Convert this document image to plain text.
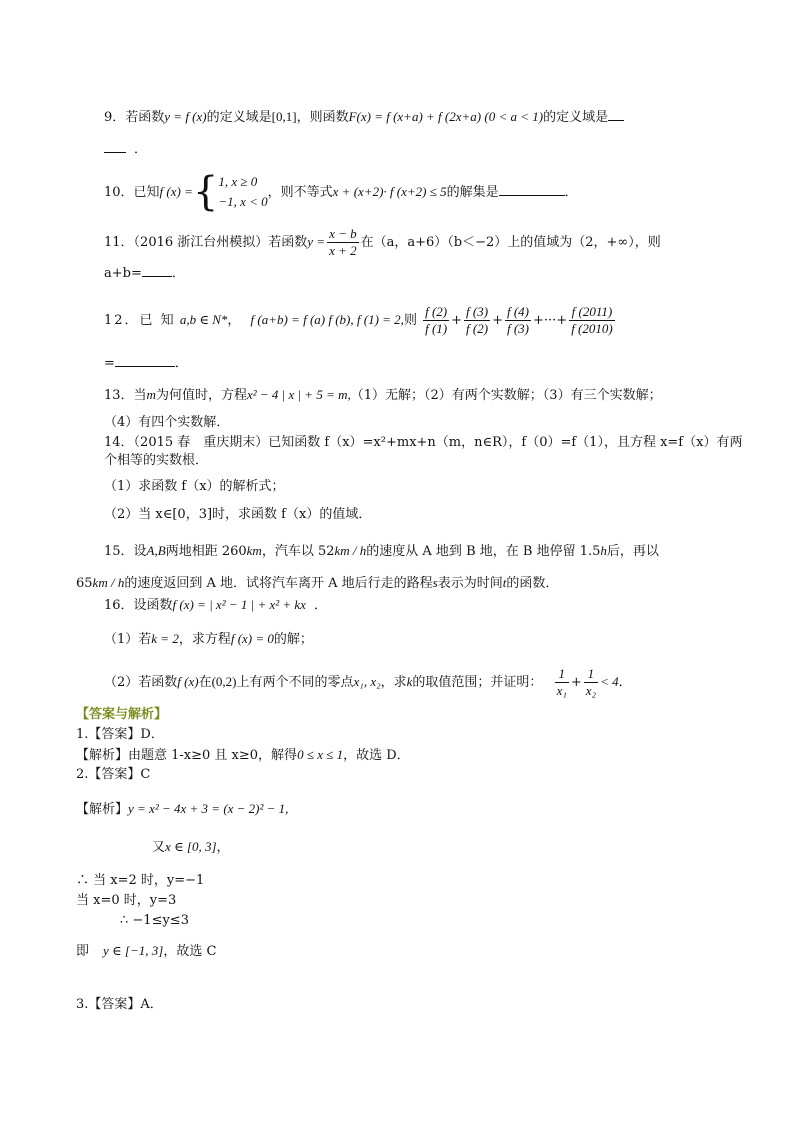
9．若函数y = f (x)的定义域是[0,1]，则函数F(x) = f (x+a) + f (2x+a) (0 < a < 1)的定义域是
．
10．已知f (x) ={ 1, x ≥ 0
−1, x < 0
，则不等式x + (x+2)· f (x+2) ≤ 5的解集是	．
11．（2016 浙江台州模拟）若函数$y = \frac{x - b}{x + 2}$ 在（a，a+6）（b＜−2）上的值域为（2，+∞），则
a+b= ．
12．已 知 a,b ∈ N*， f (a+b) = f (a) f (b), f (1) = 2,则 $\frac{f (2)}{f (1)} + \frac{f (3)}{f (2)} + \frac{f (4)}{f (3)}$ +···+ $\frac{f (2011)}{f (2010)}$
=	．
13．当m为何值时，方程x² − 4 | x | + 5 = m,（1）无解；（2）有两个实数解；（3）有三个实数解；
（4）有四个实数解．
14．（2015 春　重庆期末）已知函数 f（x）=x²+mx+n（m，n∈R），f（0）=f（1），且方程 x=f（x）有两
个相等的实数根．
（1）求函数 f（x）的解析式；
（2）当 x∈[0，3]时，求函数 f（x）的值域．
15．设A,B两地相距 260km，汽车以 52km / h的速度从 A 地到 B 地，在 B 地停留 1.5h后，再以
65km / h的速度返回到 A 地．试将汽车离开 A 地后行走的路程s表示为时间t的函数．
16．设函数f (x) = | x² − 1 | + x² + kx ．
（1）若k = 2，求方程f (x) = 0的解；
（2）若函数f (x)在(0,2)上有两个不同的零点x₁, x₂，求k的取值范围；并证明： $\frac{1}{\text{x₁}} + \frac{1}{\text{x₂}} < 4$．
【答案与解析】
1.【答案】D．
【解析】由题意 1-x≥0 且 x≥0，解得0 ≤ x ≤ 1，故选 D．
2.【答案】C
【解析】y = x² − 4x + 3 = (x − 2)² − 1,
又x ∈ [0, 3]，
∴ 当 x=2 时，y=−1
当 x=0 时，y=3
∴ −1≤y≤3
即 y ∈ [−1, 3]，故选 C
3.【答案】A．
